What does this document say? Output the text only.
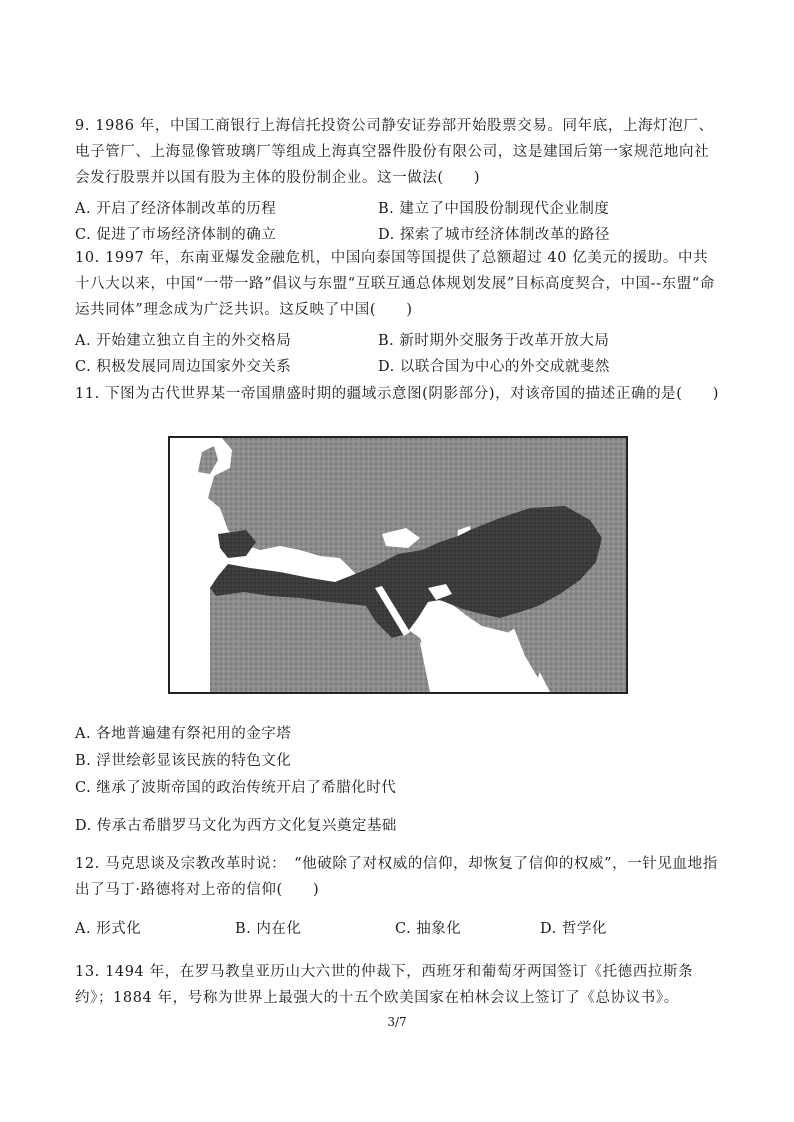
9. 1986 年，中国工商银行上海信托投资公司静安证券部开始股票交易。同年底，上海灯泡厂、电子管厂、上海显像管玻璃厂等组成上海真空器件股份有限公司，这是建国后第一家规范地向社会发行股票并以国有股为主体的股份制企业。这一做法(　　)
A. 开启了经济体制改革的历程	B. 建立了中国股份制现代企业制度
C. 促进了市场经济体制的确立	D. 探索了城市经济体制改革的路径
10. 1997 年，东南亚爆发金融危机，中国向泰国等国提供了总额超过 40 亿美元的援助。中共十八大以来，中国“一带一路”倡议与东盟“互联互通总体规划发展”目标高度契合，中国--东盟“命运共同体”理念成为广泛共识。这反映了中国(　　)
A. 开始建立独立自主的外交格局	B. 新时期外交服务于改革开放大局
C. 积极发展同周边国家外交关系	D. 以联合国为中心的外交成就斐然
11. 下图为古代世界某一帝国鼎盛时期的疆域示意图(阴影部分)，对该帝国的描述正确的是(　　)
A. 各地普遍建有祭祀用的金字塔
B. 浮世绘彰显该民族的特色文化
C. 继承了波斯帝国的政治传统开启了希腊化时代
D. 传承古希腊罗马文化为西方文化复兴奠定基础
12. 马克思谈及宗教改革时说：　“他破除了对权威的信仰，却恢复了信仰的权威”，一针见血地指出了马丁·路德将对上帝的信仰(　　)
A. 形式化	B. 内在化	C. 抽象化	D. 哲学化
13. 1494 年，在罗马教皇亚历山大六世的仲裁下，西班牙和葡萄牙两国签订《托德西拉斯条约》；1884 年，号称为世界上最强大的十五个欧美国家在柏林会议上签订了《总协议书》。
3/7
